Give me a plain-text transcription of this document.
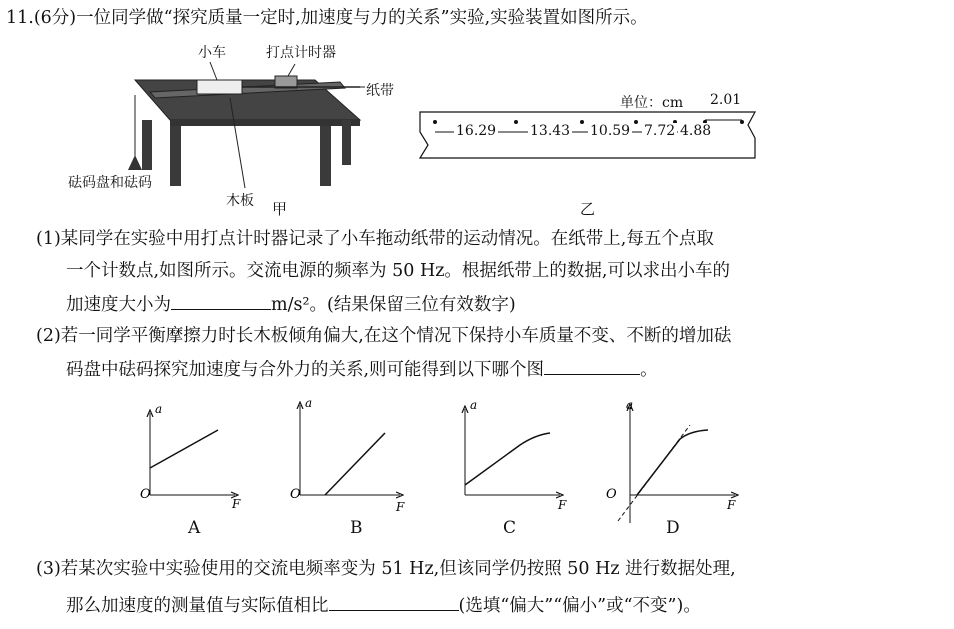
11.(6分)一位同学做“探究质量一定时,加速度与力的关系”实验,实验装置如图所示。
小车	打点计时器
纸带
砝码盘和砝码
木板 甲
单位：cm
16.29 13.43 10.59 7.72 4.88
2.01
乙
(1)某同学在实验中用打点计时器记录了小车拖动纸带的运动情况。在纸带上,每五个点取
一个计数点,如图所示。交流电源的频率为 50 Hz。根据纸带上的数据,可以求出小车的
加速度大小为	m/s²。(结果保留三位有效数字)
(2)若一同学平衡摩擦力时长木板倾角偏大,在这个情况下保持小车质量不变、不断的增加砝
码盘中砝码探究加速度与合外力的关系,则可能得到以下哪个图	。
O
a
F
O
a
F
a
F
O
a
F
A	B	C	D
(3)若某次实验中实验使用的交流电频率变为 51 Hz,但该同学仍按照 50 Hz 进行数据处理,
那么加速度的测量值与实际值相比	(选填“偏大”“偏小”或“不变”)。
